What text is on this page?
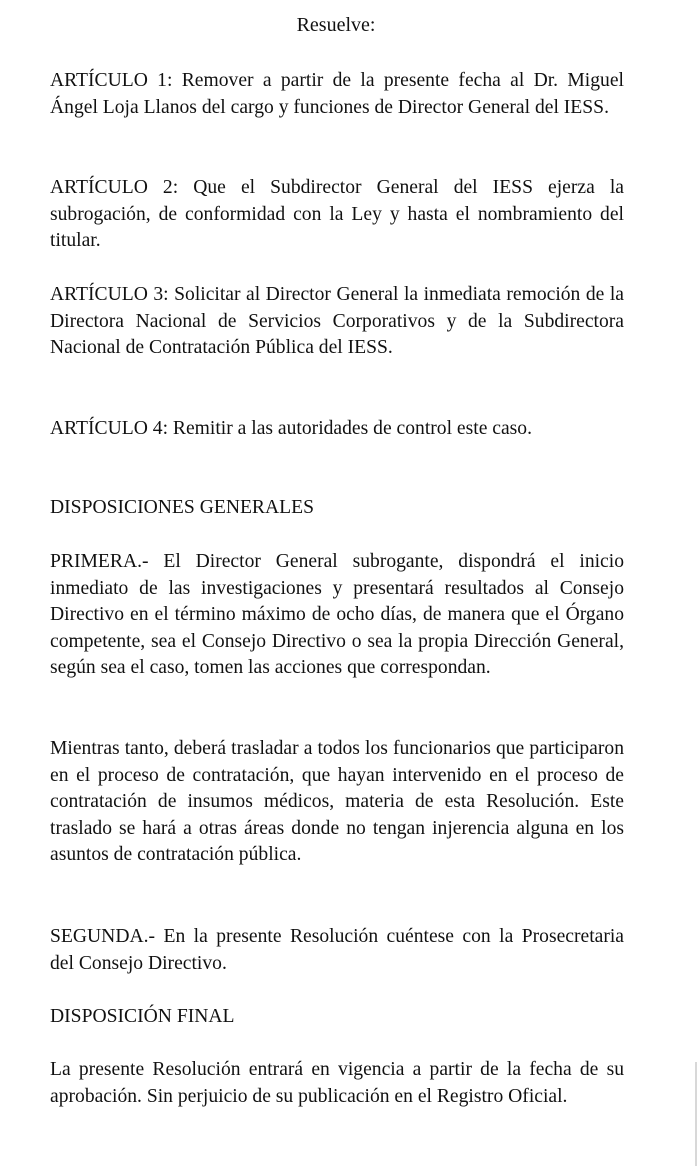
Resuelve:

ARTÍCULO 1: Remover a partir de la presente fecha al Dr. Miguel Ángel Loja Llanos del cargo y funciones de Director General del IESS.

ARTÍCULO 2: Que el Subdirector General del IESS ejerza la subrogación, de conformidad con la Ley y hasta el nombramiento del titular.

ARTÍCULO 3: Solicitar al Director General la inmediata remoción de la Directora Nacional de Servicios Corporativos y de la Subdirectora Nacional de Contratación Pública del IESS.

ARTÍCULO 4: Remitir a las autoridades de control este caso.

DISPOSICIONES GENERALES

PRIMERA.- El Director General subrogante, dispondrá el inicio inmediato de las investigaciones y presentará resultados al Consejo Directivo en el término máximo de ocho días, de manera que el Órgano competente, sea el Consejo Directivo o sea la propia Dirección General, según sea el caso, tomen las acciones que correspondan.

Mientras tanto, deberá trasladar a todos los funcionarios que participaron en el proceso de contratación, que hayan intervenido en el proceso de contratación de insumos médicos, materia de esta Resolución. Este traslado se hará a otras áreas donde no tengan injerencia alguna en los asuntos de contratación pública.

SEGUNDA.- En la presente Resolución cuéntese con la Prosecretaria del Consejo Directivo.

DISPOSICIÓN FINAL

La presente Resolución entrará en vigencia a partir de la fecha de su aprobación. Sin perjuicio de su publicación en el Registro Oficial.
